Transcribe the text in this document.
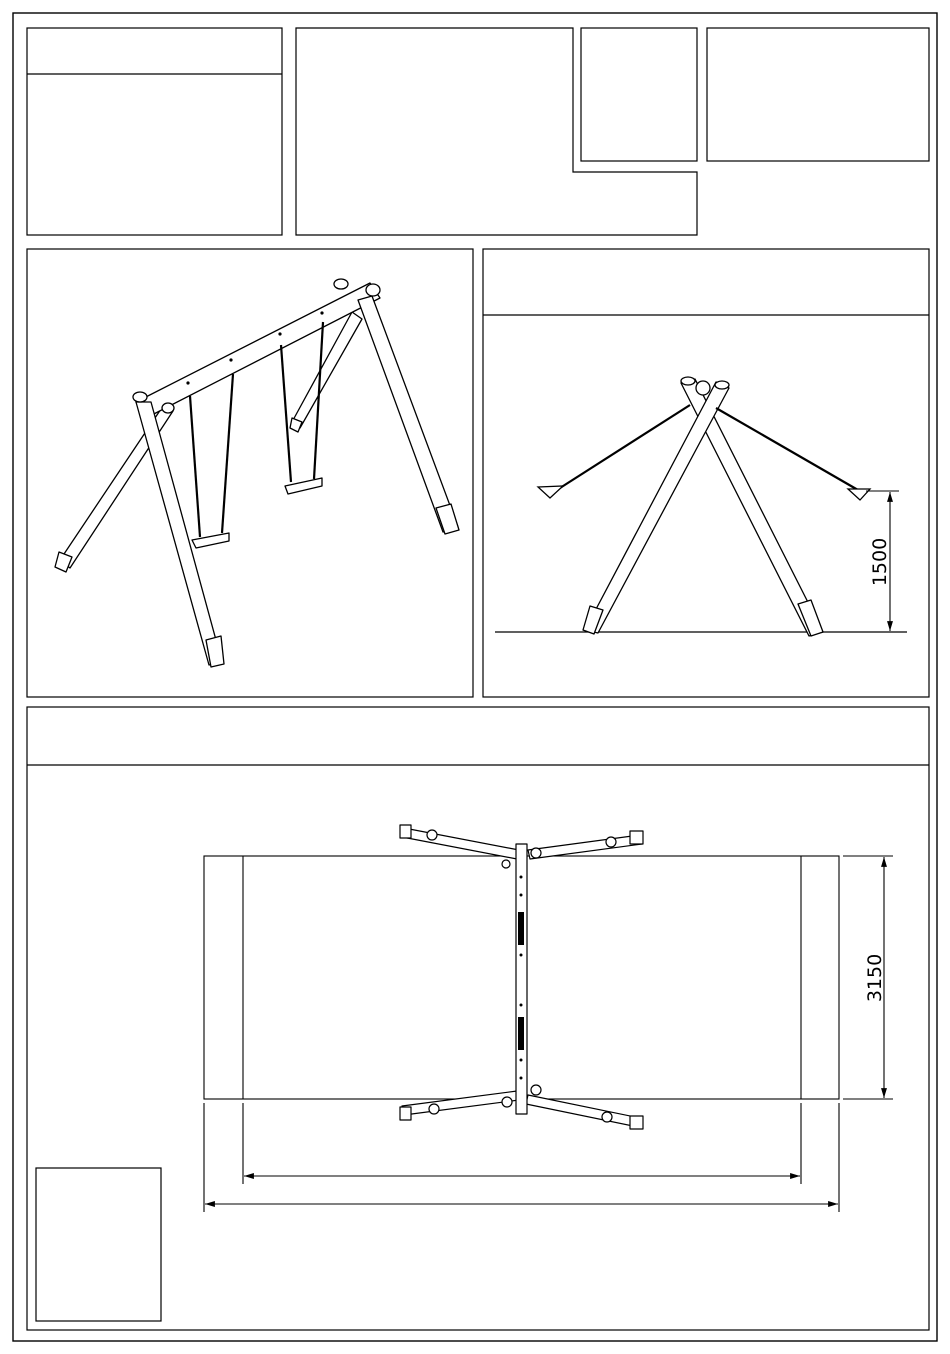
1500
3150
